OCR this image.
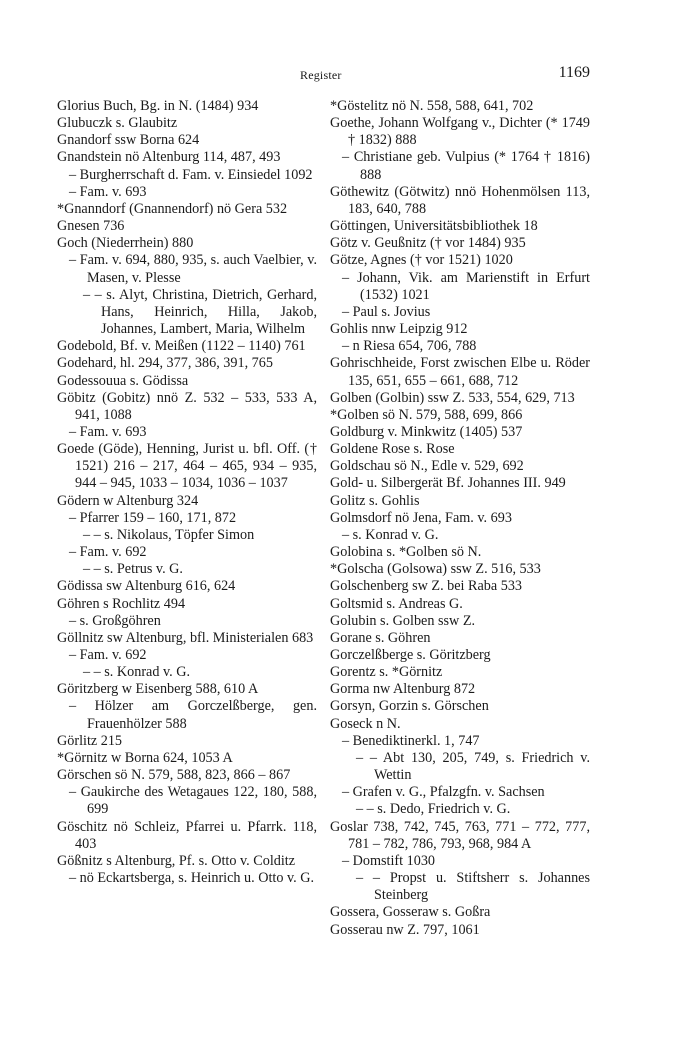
Register	1169

Glorius Buch, Bg. in N. (1484) 934

Glubuczk s. Glaubitz

Gnandorf ssw Borna 624

Gnandstein nö Altenburg 114, 487, 493

– Burgherrschaft d. Fam. v. Einsiedel 1092

– Fam. v. 693

*Gnanndorf (Gnannendorf) nö Gera 532

Gnesen 736

Goch (Niederrhein) 880

– Fam. v. 694, 880, 935, s. auch Vaelbier, v. Masen, v. Plesse

– – s. Alyt, Christina, Dietrich, Gerhard, Hans, Heinrich, Hilla, Jakob, Johannes, Lambert, Maria, Wilhelm

Godebold, Bf. v. Meißen (1122 – 1140) 761

Godehard, hl. 294, 377, 386, 391, 765

Godessouua s. Gödissa

Göbitz (Gobitz) nnö Z. 532 – 533, 533 A, 941, 1088

– Fam. v. 693

Goede (Göde), Henning, Jurist u. bfl. Off. († 1521) 216 – 217, 464 – 465, 934 – 935, 944 – 945, 1033 – 1034, 1036 – 1037

Gödern w Altenburg 324

– Pfarrer 159 – 160, 171, 872

– – s. Nikolaus, Töpfer Simon

– Fam. v. 692

– – s. Petrus v. G.

Gödissa sw Altenburg 616, 624

Göhren s Rochlitz 494

– s. Großgöhren

Göllnitz sw Altenburg, bfl. Ministerialen 683

– Fam. v. 692

– – s. Konrad v. G.

Göritzberg w Eisenberg 588, 610 A

– Hölzer am Gorczelßberge, gen. Frauenhölzer 588

Görlitz 215

*Görnitz w Borna 624, 1053 A

Görschen sö N. 579, 588, 823, 866 – 867

– Gaukirche des Wetagaues 122, 180, 588, 699

Göschitz nö Schleiz, Pfarrei u. Pfarrk. 118, 403

Gößnitz s Altenburg, Pf. s. Otto v. Colditz

– nö Eckartsberga, s. Heinrich u. Otto v. G.

*Göstelitz nö N. 558, 588, 641, 702

Goethe, Johann Wolfgang v., Dichter (* 1749 † 1832) 888

– Christiane geb. Vulpius (* 1764 † 1816) 888

Göthewitz (Götwitz) nnö Hohenmölsen 113, 183, 640, 788

Göttingen, Universitätsbibliothek 18

Götz v. Geußnitz († vor 1484) 935

Götze, Agnes († vor 1521) 1020

– Johann, Vik. am Marienstift in Erfurt (1532) 1021

– Paul s. Jovius

Gohlis nnw Leipzig 912

– n Riesa 654, 706, 788

Gohrischheide, Forst zwischen Elbe u. Röder 135, 651, 655 – 661, 688, 712

Golben (Golbin) ssw Z. 533, 554, 629, 713

*Golben sö N. 579, 588, 699, 866

Goldburg v. Minkwitz (1405) 537

Goldene Rose s. Rose

Goldschau sö N., Edle v. 529, 692

Gold- u. Silbergerät Bf. Johannes III. 949

Golitz s. Gohlis

Golmsdorf nö Jena, Fam. v. 693

– s. Konrad v. G.

Golobina s. *Golben sö N.

*Golscha (Golsowa) ssw Z. 516, 533

Golschenberg sw Z. bei Raba 533

Goltsmid s. Andreas G.

Golubin s. Golben ssw Z.

Gorane s. Göhren

Gorczelßberge s. Göritzberg

Gorentz s. *Görnitz

Gorma nw Altenburg 872

Gorsyn, Gorzin s. Görschen

Goseck n N.

– Benediktinerkl. 1, 747

– – Abt 130, 205, 749, s. Friedrich v. Wettin

– Grafen v. G., Pfalzgfn. v. Sachsen

– – s. Dedo, Friedrich v. G.

Goslar 738, 742, 745, 763, 771 – 772, 777, 781 – 782, 786, 793, 968, 984 A

– Domstift 1030

– – Propst u. Stiftsherr s. Johannes Steinberg

Gossera, Gosseraw s. Goßra

Gosserau nw Z. 797, 1061
